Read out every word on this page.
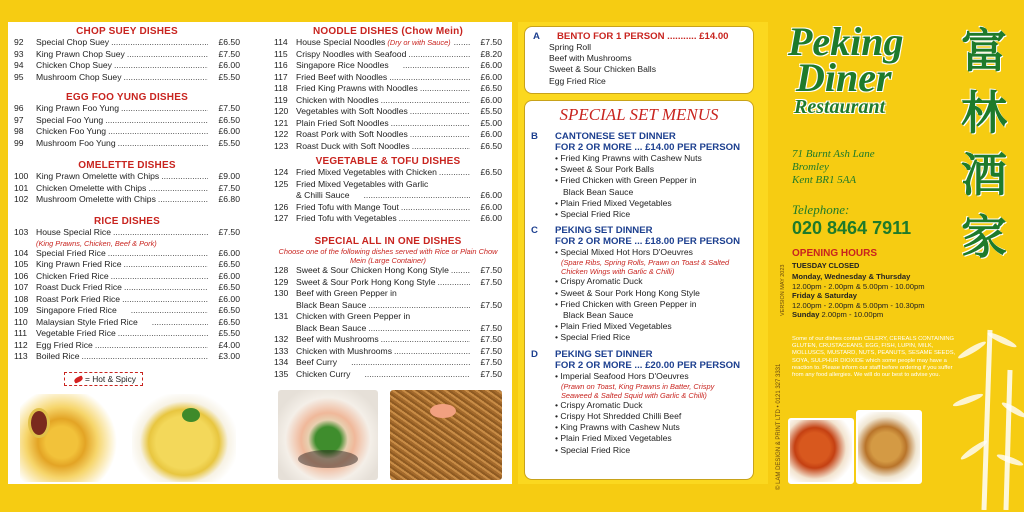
CHOP SUEY DISHES
92	Special Chop Suey .....	£6.50
93	King Prawn Chop Suey .....	£7.50
94	Chicken Chop Suey .....	£6.00
95	Mushroom Chop Suey .....	£5.50
EGG FOO YUNG DISHES
96	King Prawn Foo Yung .....	£7.50
97	Special Foo Yung .....	£6.50
98	Chicken Foo Yung .....	£6.00
99	Mushroom Foo Yung .....	£5.50
OMELETTE DISHES
100 King Prawn Omelette with Chips .....	£9.00
101 Chicken Omelette with Chips .....	£7.50
102 Mushroom Omelette with Chips .....	£6.80
RICE DISHES
103 House Special Rice .....	£7.50
(King Prawns, Chicken, Beef & Pork)
104 Special Fried Rice .....	£6.00
105 King Prawn Fried Rice .....	£6.50
106 Chicken Fried Rice .....	£6.00
107 Roast Duck Fried Rice .....	£6.50
108 Roast Pork Fried Rice .....	£6.00
109 Singapore Fried Rice .....	£6.50
110 Malaysian Style Fried Rice .....	£6.50
111	Vegetable Fried Rice .....	£5.50
112 Egg Fried Rice .....	£4.00
113 Boiled Rice .....	£3.00
NOODLE DISHES (Chow Mein)
114 House Special Noodles (Dry or with Sauce) .....	£7.50
115 Crispy Noodles with Seafood .....	£8.20
116 Singapore Rice Noodles .....	£6.00
117 Fried Beef with Noodles .....	£6.00
118 Fried King Prawns with Noodles .....	£6.50
119 Chicken with Noodles .....	£6.00
120 Vegetables with Soft Noodles .....	£5.50
121 Plain Fried Soft Noodles .....	£5.00
122 Roast Pork with Soft Noodles .....	£6.00
123 Roast Duck with Soft Noodles .....	£6.50
VEGETABLE & TOFU DISHES
124 Fried Mixed Vegetables with Chicken .....	£6.50
125 Fried Mixed Vegetables with Garlic
& Chilli Sauce .....	£6.00
126 Fried Tofu with Mange Tout .....	£6.00
127 Fried Tofu with Vegetables .....	£6.00
SPECIAL ALL IN ONE DISHES
Choose one of the following dishes served with Rice or Plain Chow Mein (Large Container)
128 Sweet & Sour Chicken Hong Kong Style .....	£7.50
129 Sweet & Sour Pork Hong Kong Style .....	£7.50
130 Beef with Green Pepper in
Black Bean Sauce .....	£7.50
131 Chicken with Green Pepper in
Black Bean Sauce .....	£7.50
132 Beef with Mushrooms .....	£7.50
133 Chicken with Mushrooms .....	£7.50
134 Beef Curry .....	£7.50
135 Chicken Curry .....	£7.50
= Hot & Spicy
A	BENTO FOR 1 PERSON ........... £14.00
Spring Roll
Beef with Mushrooms
Sweet & Sour Chicken Balls
Egg Fried Rice
SPECIAL SET MENUS
B	CANTONESE SET DINNER
FOR 2 OR MORE ... £14.00 PER PERSON
• Fried King Prawns with Cashew Nuts
• Sweet & Sour Pork Balls
• Fried Chicken with Green Pepper in
Black Bean Sauce
• Plain Fried Mixed Vegetables
• Special Fried Rice
C	PEKING SET DINNER
FOR 2 OR MORE ... £18.00 PER PERSON
• Special Mixed Hot Hors D'Oeuvres
(Spare Ribs, Spring Rolls, Prawn on Toast & Salted Chicken Wings with Garlic & Chilli)
• Crispy Aromatic Duck
• Sweet & Sour Pork Hong Kong Style
• Fried Chicken with Green Pepper in
Black Bean Sauce
• Plain Fried Mixed Vegetables
• Special Fried Rice
D	PEKING SET DINNER
FOR 2 OR MORE ... £20.00 PER PERSON
• Imperial Seafood Hors D'Oeuvres
(Prawn on Toast, King Prawns in Batter, Crispy Seaweed & Salted Squid with Garlic & Chilli)
• Crispy Aromatic Duck
• Crispy Hot Shredded Chilli Beef
• King Prawns with Cashew Nuts
• Plain Fried Mixed Vegetables
• Special Fried Rice	© LAM DESIGN & PRINT LTD • 0121 327 3331
VERSION MAY 2023
Peking
Diner
Restaurant
富
林
酒
家
71 Burnt Ash Lane
Bromley
Kent BR1 5AA
Telephone:
020 8464 7911
OPENING HOURS
TUESDAY CLOSED
Monday, Wednesday & Thursday
12.00pm - 2.00pm & 5.00pm - 10.00pm
Friday & Saturday
12.00pm - 2.00pm & 5.00pm - 10.30pm
Sunday 2.00pm - 10.00pm
Some of our dishes contain CELERY, CEREALS CONTAINING GLUTEN, CRUSTACEANS, EGG, FISH, LUPIN, MILK, MOLLUSCS, MUSTARD, NUTS, PEANUTS, SESAME SEEDS, SOYA, SULPHUR DIOXIDE which some people may have a reaction to. Please inform our staff before ordering if you suffer from any food allergies. We will do our best to advise you.
